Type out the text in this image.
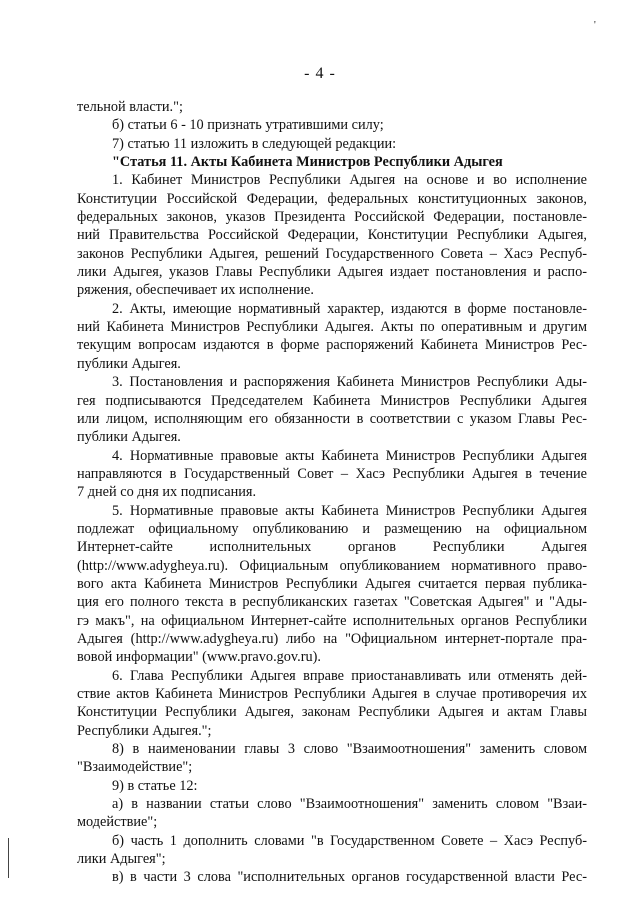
'
- 4 -
тельной власти.";
б) статьи 6 - 10 признать утратившими силу;
7) статью 11 изложить в следующей редакции:
"Статья 11. Акты Кабинета Министров Республики Адыгея
1. Кабинет Министров Республики Адыгея на основе и во исполнение
Конституции Российской Федерации, федеральных конституционных законов,
федеральных законов, указов Президента Российской Федерации, постановле-
ний Правительства Российской Федерации, Конституции Республики Адыгея,
законов Республики Адыгея, решений Государственного Совета – Хасэ Респуб-
лики Адыгея, указов Главы Республики Адыгея издает постановления и распо-
ряжения, обеспечивает их исполнение.
2. Акты, имеющие нормативный характер, издаются в форме постановле-
ний Кабинета Министров Республики Адыгея. Акты по оперативным и другим
текущим вопросам издаются в форме распоряжений Кабинета Министров Рес-
публики Адыгея.
3. Постановления и распоряжения Кабинета Министров Республики Ады-
гея подписываются Председателем Кабинета Министров Республики Адыгея
или лицом, исполняющим его обязанности в соответствии с указом Главы Рес-
публики Адыгея.
4. Нормативные правовые акты Кабинета Министров Республики Адыгея
направляются в Государственный Совет – Хасэ Республики Адыгея в течение
7 дней со дня их подписания.
5. Нормативные правовые акты Кабинета Министров Республики Адыгея
подлежат официальному опубликованию и размещению на официальном
Интернет-сайте исполнительных органов Республики Адыгея
(http://www.adygheya.ru). Официальным опубликованием нормативного право-
вого акта Кабинета Министров Республики Адыгея считается первая публика-
ция его полного текста в республиканских газетах "Советская Адыгея" и "Ады-
гэ макъ", на официальном Интернет-сайте исполнительных органов Республики
Адыгея (http://www.adygheya.ru) либо на "Официальном интернет-портале пра-
вовой информации" (www.pravo.gov.ru).
6. Глава Республики Адыгея вправе приостанавливать или отменять дей-
ствие актов Кабинета Министров Республики Адыгея в случае противоречия их
Конституции Республики Адыгея, законам Республики Адыгея и актам Главы
Республики Адыгея.";
8) в наименовании главы 3 слово "Взаимоотношения" заменить словом
"Взаимодействие";
9) в статье 12:
а) в названии статьи слово "Взаимоотношения" заменить словом "Взаи-
модействие";
б) часть 1 дополнить словами "в Государственном Совете – Хасэ Респуб-
лики Адыгея";
в) в части 3 слова "исполнительных органов государственной власти Рес-
